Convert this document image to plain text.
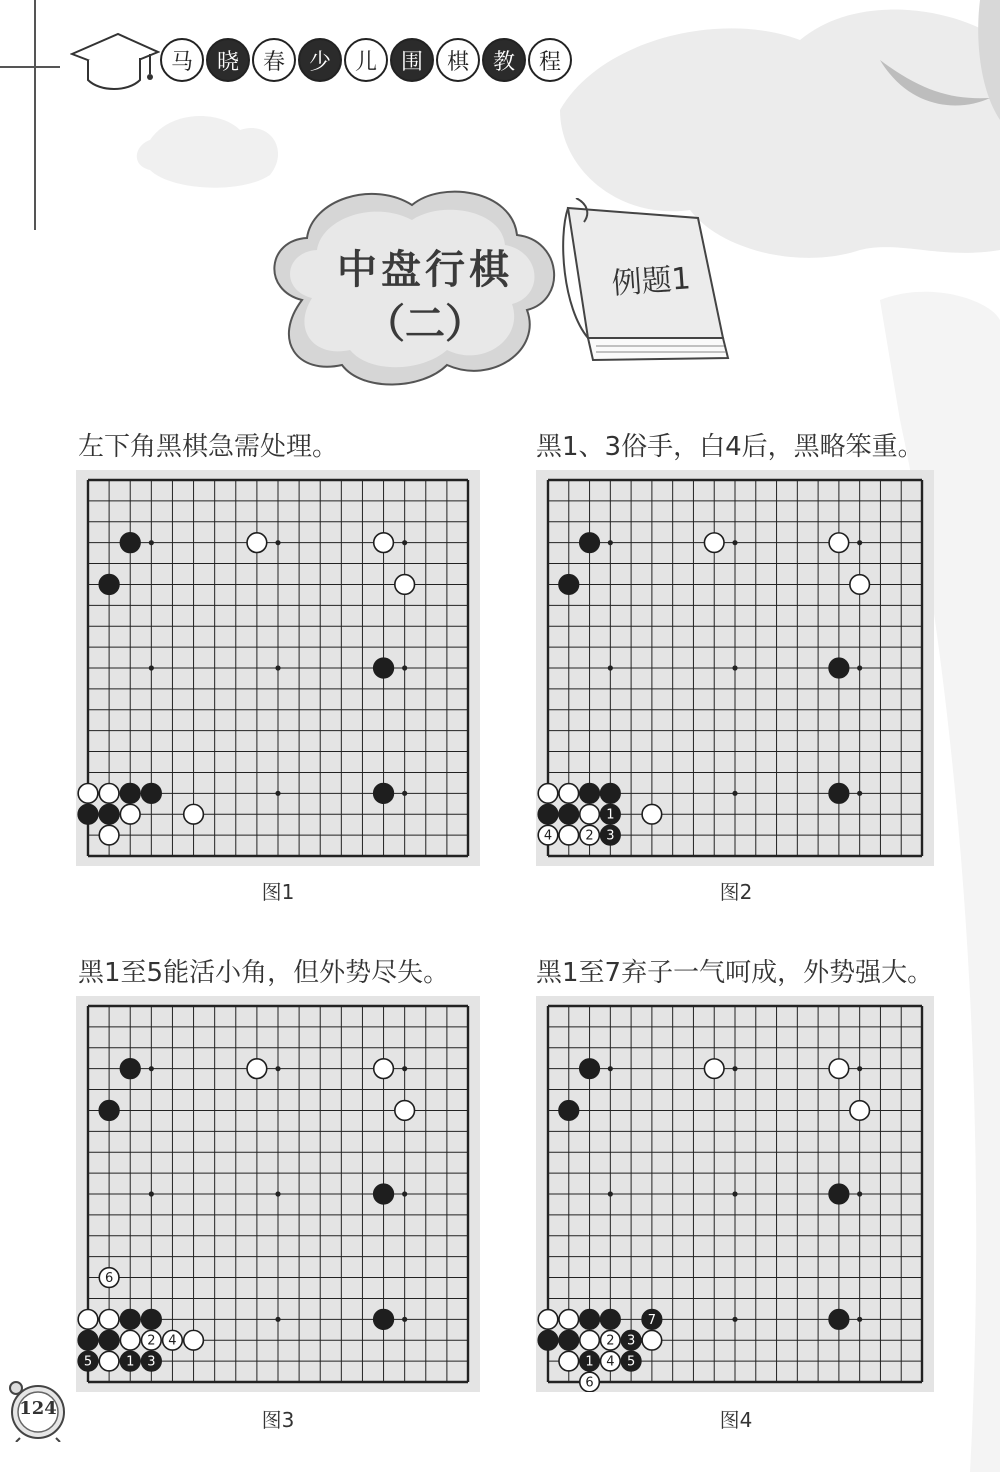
马	晓	春	少	儿	围	棋	教	程
中盘行棋
（二）
例题1
左下角黑棋急需处理。
图1
黑1、3俗手，白4后，黑略笨重。
1
4	2 3
图2
黑1至5能活小角，但外势尽失。
6
2 4
5	1 3
图3
黑1至7弃子一气呵成，外势强大。
7
2 3
1 4 5
6
图4
124
